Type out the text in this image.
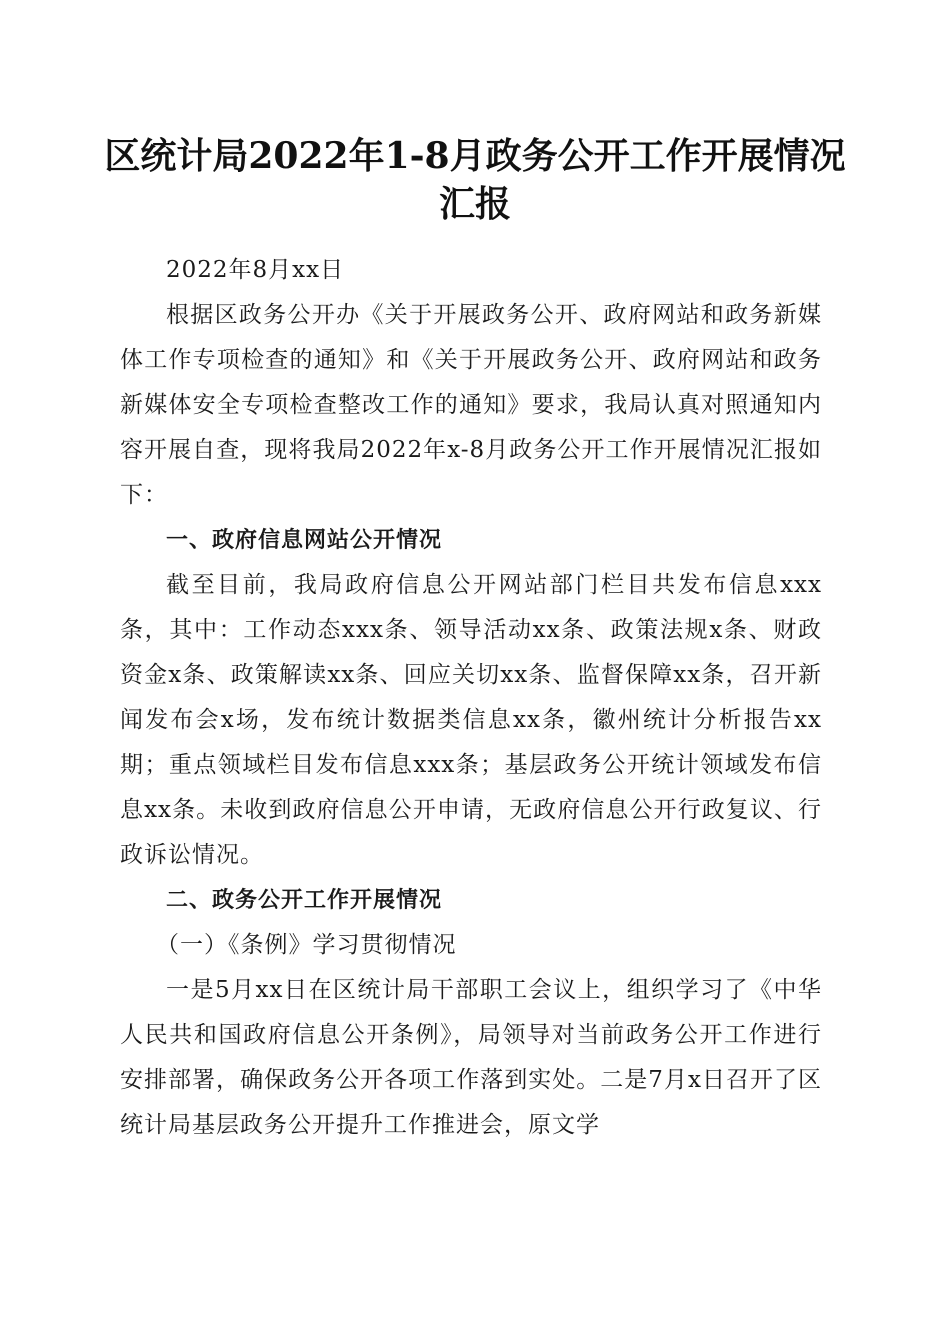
区统计局2022年1-8月政务公开工作开展情况汇报

2022年8月xx日

根据区政务公开办《关于开展政务公开、政府网站和政务新媒体工作专项检查的通知》和《关于开展政务公开、政府网站和政务新媒体安全专项检查整改工作的通知》要求，我局认真对照通知内容开展自查，现将我局2022年x-8月政务公开工作开展情况汇报如下：

一、政府信息网站公开情况

截至目前，我局政府信息公开网站部门栏目共发布信息xxx条，其中：工作动态xxx条、领导活动xx条、政策法规x条、财政资金x条、政策解读xx条、回应关切xx条、监督保障xx条，召开新闻发布会x场，发布统计数据类信息xx条，徽州统计分析报告xx期；重点领域栏目发布信息xxx条；基层政务公开统计领域发布信息xx条。未收到政府信息公开申请，无政府信息公开行政复议、行政诉讼情况。

二、政务公开工作开展情况

（一）《条例》学习贯彻情况

一是5月xx日在区统计局干部职工会议上，组织学习了《中华人民共和国政府信息公开条例》，局领导对当前政务公开工作进行安排部署，确保政务公开各项工作落到实处。二是7月x日召开了区统计局基层政务公开提升工作推进会，原文学
